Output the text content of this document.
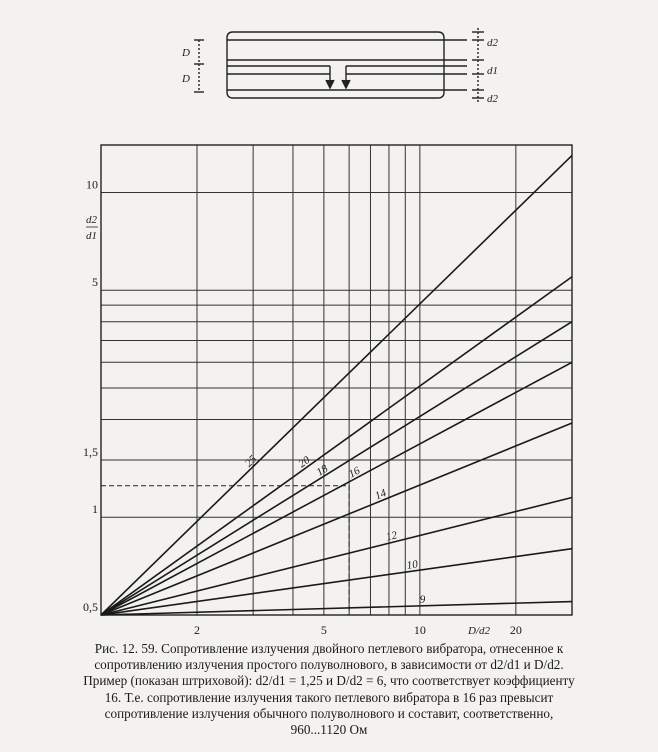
D
D
d2
d1
d2
25	20
18 16
14
12
10
9
2	5	10	20
0,5
1
1,5
5
10
d2
d1
D/d2
Рис. 12. 59. Сопротивление излучения двойного петлевого вибратора, отнесенное к
сопротивлению излучения простого полуволнового, в зависимости от d2/d1 и D/d2.
Пример (показан штриховой): d2/d1 = 1,25 и D/d2 = 6, что соответствует коэффициенту
16. Т.е. сопротивление излучения такого петлевого вибратора в 16 раз превысит
сопротивление излучения обычного полуволнового и составит, соответственно,
960...1120 Ом
